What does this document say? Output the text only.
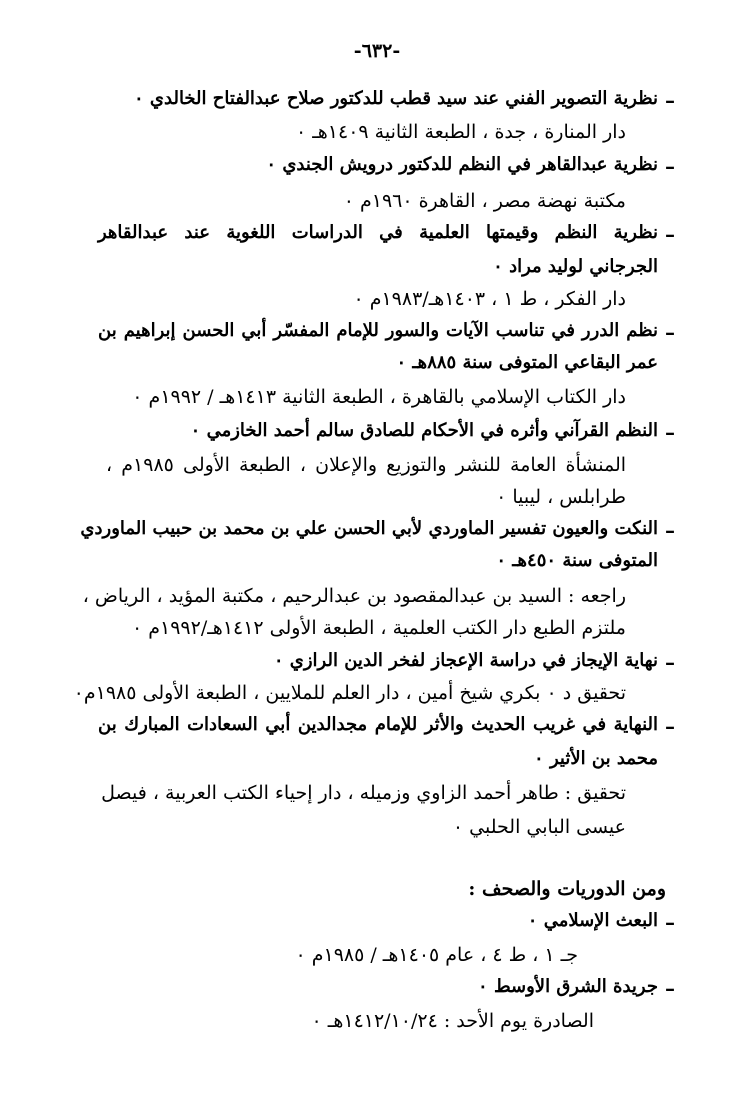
-٦٣٢-
–
نظرية التصوير الفني عند سيد قطب للدكتور صلاح عبدالفتاح الخالدي ٠
دار المنارة ، جدة ، الطبعة الثانية ١٤٠٩هـ ٠
–
نظرية عبدالقاهر في النظم للدكتور درويش الجندي ٠
مكتبة نهضة مصر ، القاهرة ١٩٦٠م ٠
–
نظرية النظم وقيمتها العلمية في الدراسات اللغوية عند عبدالقاهر
الجرجاني لوليد مراد ٠
دار الفكر ، ط ١ ، ١٤٠٣هـ/١٩٨٣م ٠
–
نظم الدرر في تناسب الآيات والسور للإمام المفسّر أبي الحسن إبراهيم بن
عمر البقاعي المتوفى سنة ٨٨٥هـ ٠
دار الكتاب الإسلامي بالقاهرة ، الطبعة الثانية ١٤١٣هـ / ١٩٩٢م ٠
–
النظم القرآني وأثره في الأحكام للصادق سالم أحمد الخازمي ٠
المنشأة العامة للنشر والتوزيع والإعلان ، الطبعة الأولى ١٩٨٥م ،
طرابلس ، ليبيا ٠
–
النكت والعيون تفسير الماوردي لأبي الحسن علي بن محمد بن حبيب الماوردي
المتوفى سنة ٤٥٠هـ ٠
راجعه : السيد بن عبدالمقصود بن عبدالرحيم ، مكتبة المؤيد ، الرياض ،
ملتزم الطبع دار الكتب العلمية ، الطبعة الأولى ١٤١٢هـ/١٩٩٢م ٠
–
نهاية الإيجاز في دراسة الإعجاز لفخر الدين الرازي ٠
تحقيق د ٠ بكري شيخ أمين ، دار العلم للملايين ، الطبعة الأولى ١٩٨٥م٠
–
النهاية في غريب الحديث والأثر للإمام مجدالدين أبي السعادات المبارك بن
محمد بن الأثير ٠
تحقيق : طاهر أحمد الزاوي وزميله ، دار إحياء الكتب العربية ، فيصل
عيسى البابي الحلبي ٠
ومن الدوريات والصحف :
–
البعث الإسلامي ٠
جـ ١ ، ط ٤ ، عام ١٤٠٥هـ / ١٩٨٥م ٠
–
جريدة الشرق الأوسط ٠
الصادرة يوم الأحد : ١٤١٢/١٠/٢٤هـ ٠
